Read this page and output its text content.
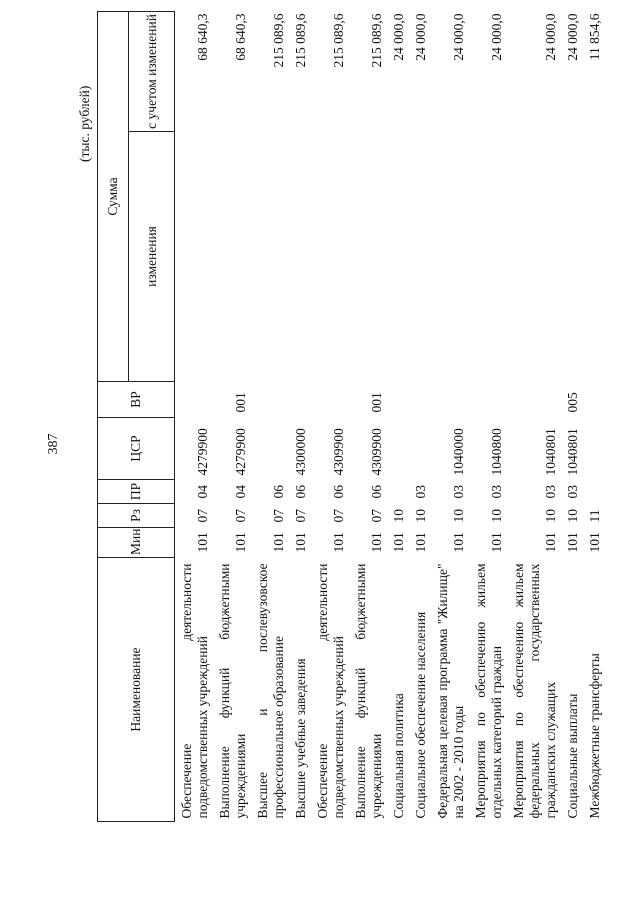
387
(тыс. рублей)
Наименование	Мин	Рз	ПР	ЦСР	ВР	Сумма	
						изменения	с учетом изменений
Обеспечение деятельности подведомственных учреждений	101	07	04	4279900			68 640,3
Выполнение функций бюджетными учреждениями	101	07	04	4279900	001		68 640,3
Высшее и послевузовское профессиональное образование	101	07	06				215 089,6
Высшие учебные заведения	101	07	06	4300000			215 089,6
Обеспечение деятельности подведомственных учреждений	101	07	06	4309900			215 089,6
Выполнение функций бюджетными учреждениями	101	07	06	4309900	001		215 089,6
Социальная политика	101	10					24 000,0
Социальное обеспечение населения	101	10	03				24 000,0
Федеральная целевая программа "Жилище" на 2002 - 2010 годы	101	10	03	1040000			24 000,0
Мероприятия по обеспечению жильем отдельных категорий граждан	101	10	03	1040800			24 000,0
Мероприятия по обеспечению жильем федеральных государственных гражданских служащих	101	10	03	1040801			24 000,0
Социальные выплаты	101	10	03	1040801	005		24 000,0
Межбюджетные трансферты	101	11					11 854,6
